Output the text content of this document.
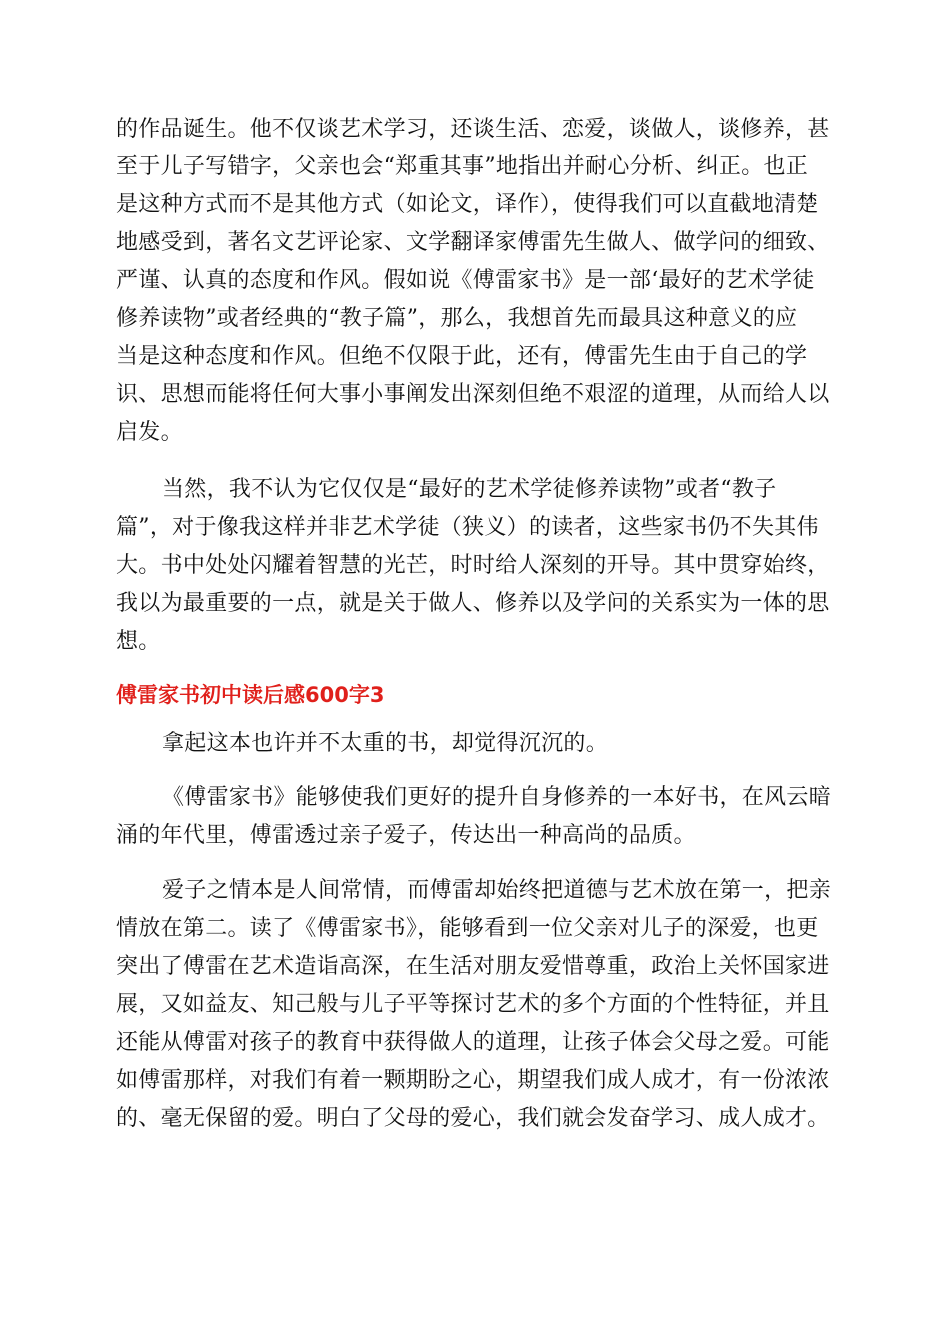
的作品诞生。他不仅谈艺术学习，还谈生活、恋爱，谈做人，谈修养，甚
至于儿子写错字，父亲也会“郑重其事”地指出并耐心分析、纠正。也正
是这种方式而不是其他方式（如论文，译作），使得我们可以直截地清楚
地感受到，著名文艺评论家、文学翻译家傅雷先生做人、做学问的细致、
严谨、认真的态度和作风。假如说《傅雷家书》是一部‘最好的艺术学徒
修养读物”或者经典的“教子篇”，那么，我想首先而最具这种意义的应
当是这种态度和作风。但绝不仅限于此，还有，傅雷先生由于自己的学
识、思想而能将任何大事小事阐发出深刻但绝不艰涩的道理，从而给人以
启发。
当然，我不认为它仅仅是“最好的艺术学徒修养读物”或者“教子
篇”，对于像我这样并非艺术学徒（狭义）的读者，这些家书仍不失其伟
大。书中处处闪耀着智慧的光芒，时时给人深刻的开导。其中贯穿始终，
我以为最重要的一点，就是关于做人、修养以及学问的关系实为一体的思
想。
傅雷家书初中读后感600字3
拿起这本也许并不太重的书，却觉得沉沉的。
《傅雷家书》能够使我们更好的提升自身修养的一本好书，在风云暗
涌的年代里，傅雷透过亲子爱子，传达出一种高尚的品质。
爱子之情本是人间常情，而傅雷却始终把道德与艺术放在第一，把亲
情放在第二。读了《傅雷家书》，能够看到一位父亲对儿子的深爱，也更
突出了傅雷在艺术造诣高深，在生活对朋友爱惜尊重，政治上关怀国家进
展，又如益友、知己般与儿子平等探讨艺术的多个方面的个性特征，并且
还能从傅雷对孩子的教育中获得做人的道理，让孩子体会父母之爱。可能
如傅雷那样，对我们有着一颗期盼之心，期望我们成人成才，有一份浓浓
的、毫无保留的爱。明白了父母的爱心，我们就会发奋学习、成人成才。
